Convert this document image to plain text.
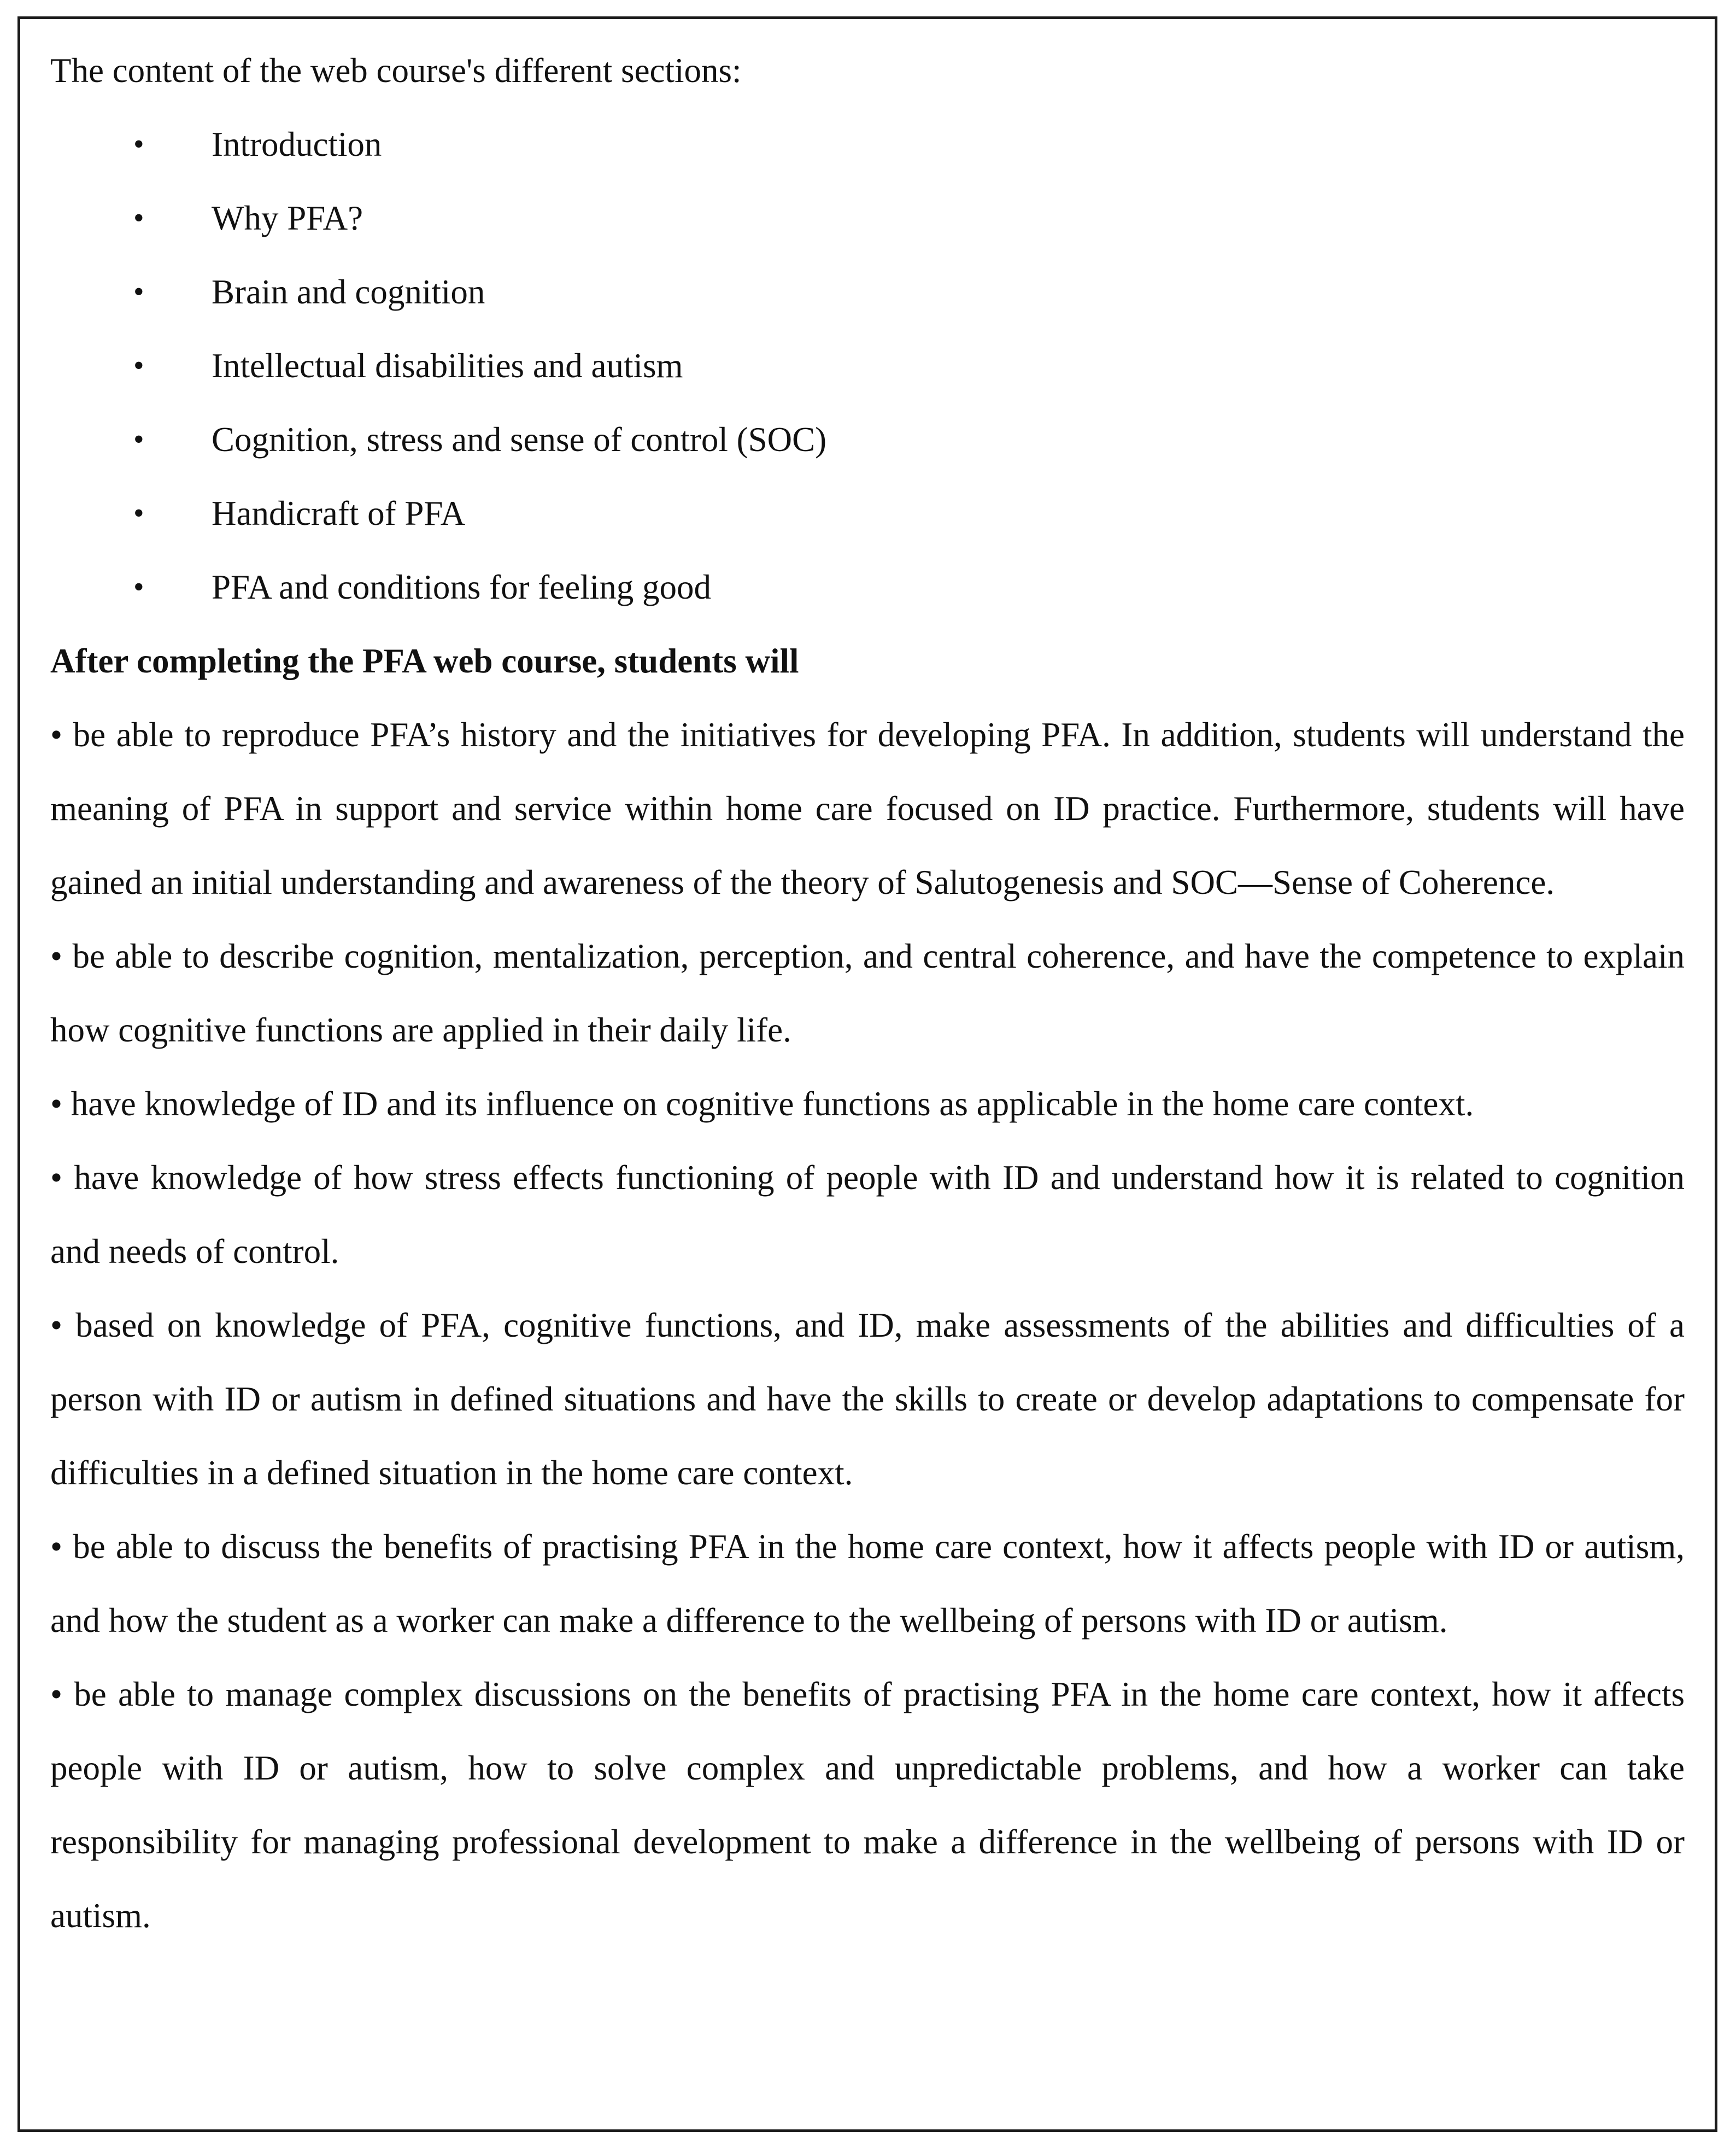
The content of the web course's different sections:
• Introduction
• Why PFA?
• Brain and cognition
• Intellectual disabilities and autism
• Cognition, stress and sense of control (SOC)
• Handicraft of PFA
• PFA and conditions for feeling good
After completing the PFA web course, students will

• be able to reproduce PFA’s history and the initiatives for developing PFA. In addition, students will understand the meaning of PFA in support and service within home care focused on ID practice. Furthermore, students will have gained an initial understanding and awareness of the theory of Salutogenesis and SOC—Sense of Coherence.

• be able to describe cognition, mentalization, perception, and central coherence, and have the competence to explain how cognitive functions are applied in their daily life.

• have knowledge of ID and its influence on cognitive functions as applicable in the home care context.

• have knowledge of how stress effects functioning of people with ID and understand how it is related to cognition and needs of control.

• based on knowledge of PFA, cognitive functions, and ID, make assessments of the abilities and difficulties of a person with ID or autism in defined situations and have the skills to create or develop adaptations to compensate for difficulties in a defined situation in the home care context.

• be able to discuss the benefits of practising PFA in the home care context, how it affects people with ID or autism, and how the student as a worker can make a difference to the wellbeing of persons with ID or autism.

• be able to manage complex discussions on the benefits of practising PFA in the home care context, how it affects people with ID or autism, how to solve complex and unpredictable problems, and how a worker can take responsibility for managing professional development to make a difference in the wellbeing of persons with ID or autism.
